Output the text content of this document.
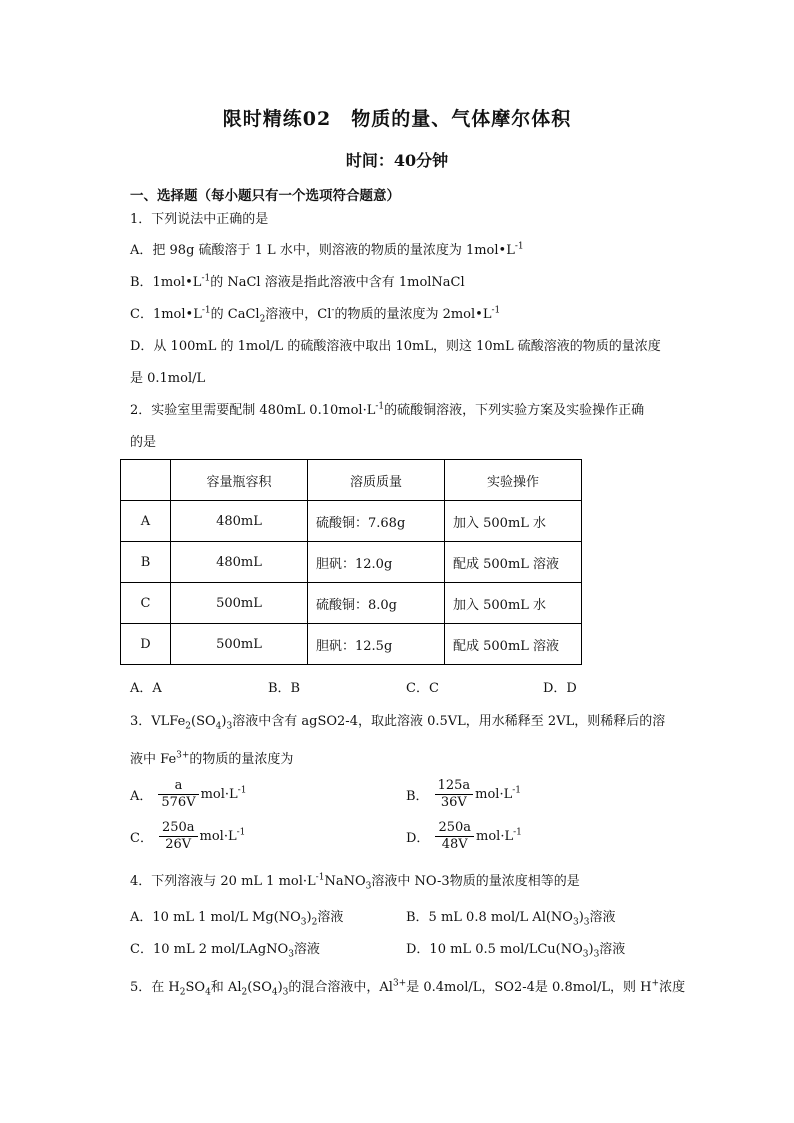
限时精练02　物质的量、气体摩尔体积
时间：40分钟
一、选择题（每小题只有一个选项符合题意）
1．下列说法中正确的是
A．把 98g 硫酸溶于 1 L 水中，则溶液的物质的量浓度为 $1mol•L^{-1}$
B．$1mol•L^{-1}$的 NaCl 溶液是指此溶液中含有 1molNaCl
C．$1mol•L^{-1}$的 CaCl$_2$溶液中，Cl-的物质的量浓度为 $2mol•L^{-1}$
D．从 100mL 的 1mol/L 的硫酸溶液中取出 10mL，则这 10mL 硫酸溶液的物质的量浓度
是 0.1mol/L
2．实验室里需要配制 480mL $0.10mol\cdot L^{-1}$的硫酸铜溶液，下列实验方案及实验操作正确
的是
	容量瓶容积	溶质质量	实验操作
A	480mL	硫酸铜：7.68g	加入 500mL 水
B	480mL	胆矾：12.0g	配成 500mL 溶液
C	500mL	硫酸铜：8.0g	加入 500mL 水
D	500mL	胆矾：12.5g	配成 500mL 溶液
A．A	B．B	C．C	D．D
3．$VLFe_2(SO_4)_3$溶液中含有 agSO2-4，取此溶液 0.5VL，用水稀释至 2VL，则稀释后的溶
液中 $Fe^{3+}$的物质的量浓度为
A． $\frac{a}{576V} mol\cdot L^{-1}$	B． $\frac{125a}{36V} mol\cdot L^{-1}$
C． $\frac{250a}{26V} mol\cdot L^{-1}$	D． $\frac{250a}{48V} mol\cdot L^{-1}$
4．下列溶液与 20 mL 1 $mol\cdot L^{-1}NaNO_3$溶液中 NO-3物质的量浓度相等的是
A．10 mL 1 mol/L $Mg(NO_3)_2$溶液	B．5 mL 0.8 mol/L $Al(NO_3)_3$溶液
C．10 mL 2 mol/LAgNO$_3$溶液	D．10 mL 0.5 mol/$LCu(NO_3)_3$溶液
5．在 $H_2SO_4$和 $Al_2(SO_4)_3$的混合溶液中，$Al^{3+}$是 0.4mol/L，SO2-4是 0.8mol/L，则 H+浓度
